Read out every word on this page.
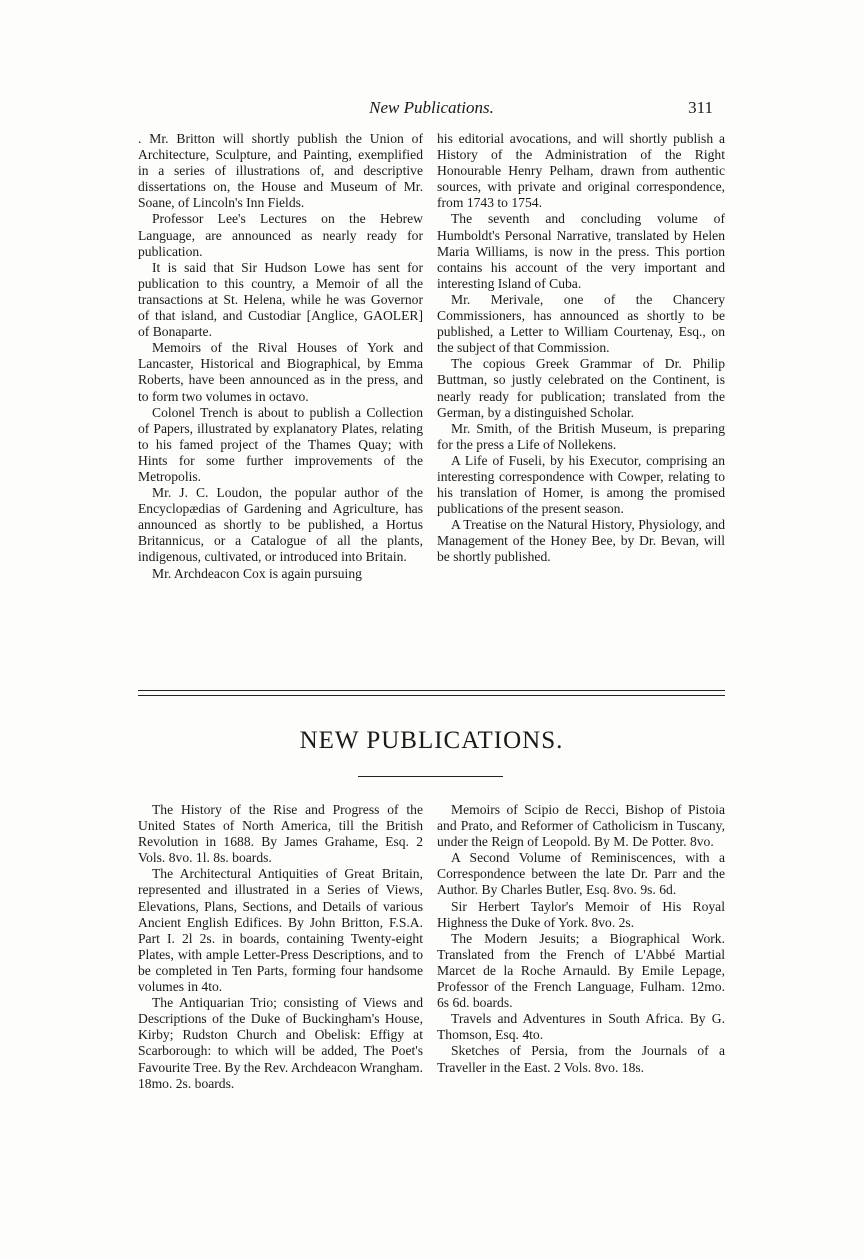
New Publications.	311

. Mr. Britton will shortly publish the Union of Architecture, Sculpture, and Painting, exemplified in a series of illustrations of, and descriptive dissertations on, the House and Museum of Mr. Soane, of Lincoln's Inn Fields.

Professor Lee's Lectures on the Hebrew Language, are announced as nearly ready for publication.

It is said that Sir Hudson Lowe has sent for publication to this country, a Memoir of all the transactions at St. Helena, while he was Governor of that island, and Custodiar [Anglice, GAOLER] of Bonaparte.

Memoirs of the Rival Houses of York and Lancaster, Historical and Biographical, by Emma Roberts, have been announced as in the press, and to form two volumes in octavo.

Colonel Trench is about to publish a Collection of Papers, illustrated by explanatory Plates, relating to his famed project of the Thames Quay; with Hints for some further improvements of the Metropolis.

Mr. J. C. Loudon, the popular author of the Encyclopædias of Gardening and Agriculture, has announced as shortly to be published, a Hortus Britannicus, or a Catalogue of all the plants, indigenous, cultivated, or introduced into Britain.

Mr. Archdeacon Cox is again pursuing

his editorial avocations, and will shortly publish a History of the Administration of the Right Honourable Henry Pelham, drawn from authentic sources, with private and original correspondence, from 1743 to 1754.

The seventh and concluding volume of Humboldt's Personal Narrative, translated by Helen Maria Williams, is now in the press. This portion contains his account of the very important and interesting Island of Cuba.

Mr. Merivale, one of the Chancery Commissioners, has announced as shortly to be published, a Letter to William Courtenay, Esq., on the subject of that Commission.

The copious Greek Grammar of Dr. Philip Buttman, so justly celebrated on the Continent, is nearly ready for publication; translated from the German, by a distinguished Scholar.

Mr. Smith, of the British Museum, is preparing for the press a Life of Nollekens.

A Life of Fuseli, by his Executor, comprising an interesting correspondence with Cowper, relating to his translation of Homer, is among the promised publications of the present season.

A Treatise on the Natural History, Physiology, and Management of the Honey Bee, by Dr. Bevan, will be shortly published.

NEW PUBLICATIONS.

The History of the Rise and Progress of the United States of North America, till the British Revolution in 1688. By James Grahame, Esq. 2 Vols. 8vo. 1l. 8s. boards.

The Architectural Antiquities of Great Britain, represented and illustrated in a Series of Views, Elevations, Plans, Sections, and Details of various Ancient English Edifices. By John Britton, F.S.A. Part I. 2l 2s. in boards, containing Twenty-eight Plates, with ample Letter-Press Descriptions, and to be completed in Ten Parts, forming four handsome volumes in 4to.

The Antiquarian Trio; consisting of Views and Descriptions of the Duke of Buckingham's House, Kirby; Rudston Church and Obelisk: Effigy at Scarborough: to which will be added, The Poet's Favourite Tree. By the Rev. Archdeacon Wrangham. 18mo. 2s. boards.

Memoirs of Scipio de Recci, Bishop of Pistoia and Prato, and Reformer of Catholicism in Tuscany, under the Reign of Leopold. By M. De Potter. 8vo.

A Second Volume of Reminiscences, with a Correspondence between the late Dr. Parr and the Author. By Charles Butler, Esq. 8vo. 9s. 6d.

Sir Herbert Taylor's Memoir of His Royal Highness the Duke of York. 8vo. 2s.

The Modern Jesuits; a Biographical Work. Translated from the French of L'Abbé Martial Marcet de la Roche Arnauld. By Emile Lepage, Professor of the French Language, Fulham. 12mo. 6s 6d. boards.

Travels and Adventures in South Africa. By G. Thomson, Esq. 4to.

Sketches of Persia, from the Journals of a Traveller in the East. 2 Vols. 8vo. 18s.
